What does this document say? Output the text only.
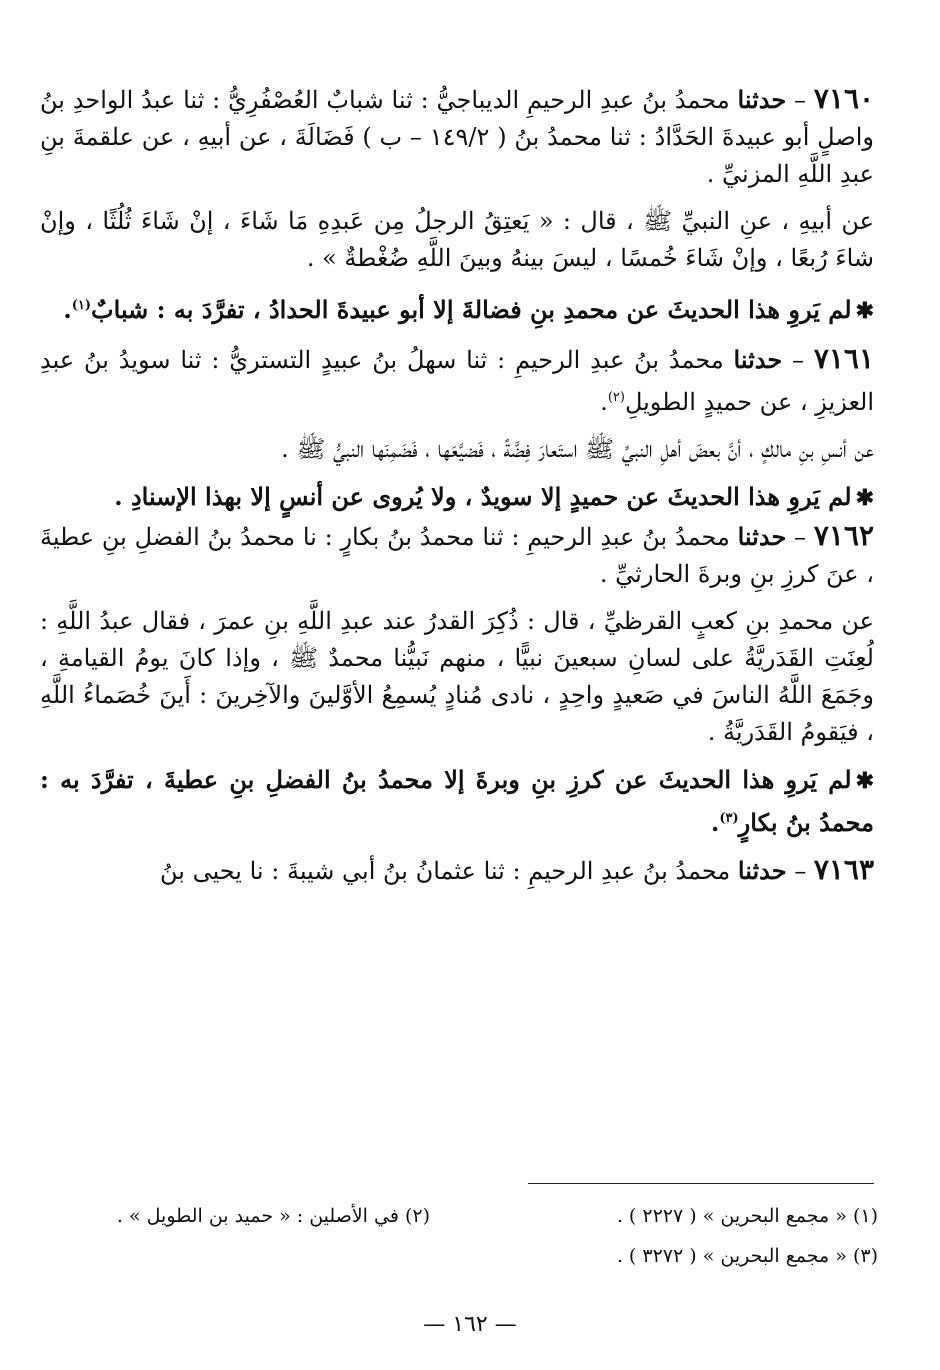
٧١٦٠ – حدثنا محمدُ بنُ عبدِ الرحيمِ الديباجيُّ : ثنا شبابٌ العُصْفُرِيُّ : ثنا عبدُ الواحدِ بنُ واصلٍ أبو عبيدةَ الحَدَّادُ : ثنا محمدُ بنُ ( ١٤٩/٢ – ب ) فَضَالَةَ ، عن أبيهِ ، عن علقمةَ بنِ عبدِ اللَّهِ المزنيِّ .

عن أبيهِ ، عنِ النبيِّ ﷺ ، قال : « يَعتِقُ الرجلُ مِن عَبدِهِ مَا شَاءَ ، إنْ شَاءَ ثُلُثًا ، وإنْ شاءَ رُبعًا ، وإنْ شَاءَ خُمسًا ، ليسَ بينهُ وبينَ اللَّهِ ضُغْطةٌ » .

✱لم يَروِ هذا الحديثَ عن محمدِ بنِ فضالةَ إلا أبو عبيدةَ الحدادُ ، تفرَّدَ به : شبابٌ$^{(١)}$.

٧١٦١ – حدثنا محمدُ بنُ عبدِ الرحيمِ : ثنا سهلُ بنُ عبيدٍ التستريُّ : ثنا سويدُ بنُ عبدِ العزيزِ ، عن حميدٍ الطويلِ$^{(٢)}$.

عن أنسِ بنِ مالكٍ ، أنَّ بعضَ أهلِ النبيِّ ﷺ استَعارَ فِضَّةً ، فَضيَّعَها ، فَضَمِنَها النبيُّ ﷺ .

✱لم يَروِ هذا الحديثَ عن حميدٍ إلا سويدٌ ، ولا يُروى عن أنسٍ إلا بهذا الإسنادِ .

٧١٦٢ – حدثنا محمدُ بنُ عبدِ الرحيمِ : ثنا محمدُ بنُ بكارٍ : نا محمدُ بنُ الفضلِ بنِ عطيةَ ، عنَ كرزِ بنِ وبرةَ الحارثيِّ .

عن محمدِ بنِ كعبٍ القرظيِّ ، قال : ذُكِرَ القدرُ عند عبدِ اللَّهِ بنِ عمرَ ، فقال عبدُ اللَّهِ : لُعِنَتِ القَدَريَّةُ على لسانِ سبعينَ نبيًّا ، منهم نَبيُّنا محمدٌ ﷺ ، وإذا كانَ يومُ القيامةِ ، وجَمَعَ اللَّهُ الناسَ في صَعيدٍ واحِدٍ ، نادى مُنادٍ يُسمِعُ الأوَّلينَ والآخِرينَ : أَينَ خُصَماءُ اللَّهِ ، فيَقومُ القَدَريَّةُ .

✱لم يَروِ هذا الحديثَ عن كرزِ بنِ وبرةَ إلا محمدُ بنُ الفضلِ بنِ عطيةَ ، تفرَّدَ به : محمدُ بنُ بكارٍ$^{(٣)}$.

٧١٦٣ – حدثنا محمدُ بنُ عبدِ الرحيمِ : ثنا عثمانُ بنُ أبي شيبةَ : نا يحيى بنُ

(١) « مجمع البحرين » ( ٢٢٢٧ ) .
(٢) في الأصلين : « حميد بن الطويل » .
(٣) « مجمع البحرين » ( ٣٢٧٢ ) .
— ١٦٢ —
